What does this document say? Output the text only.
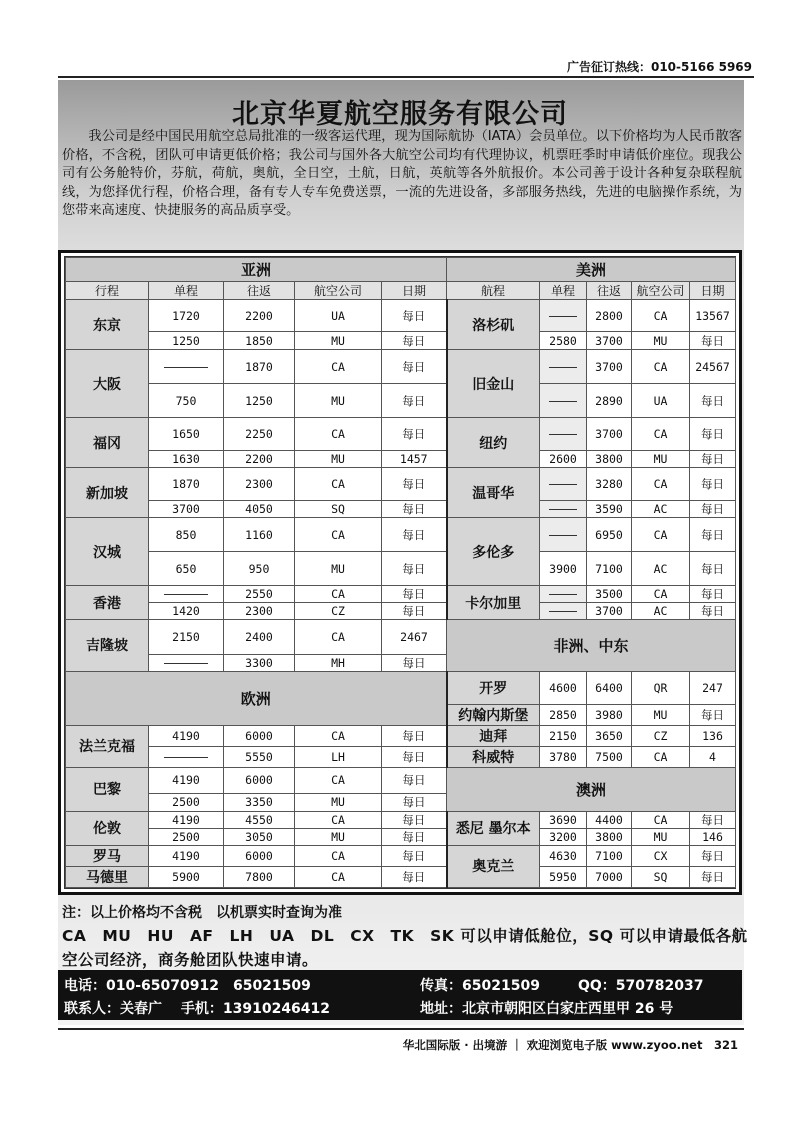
广告征订热线：010-5166 5969
北京华夏航空服务有限公司
我公司是经中国民用航空总局批准的一级客运代理，现为国际航协（IATA）会员单位。以下价格均为人民币散客价格，不含税，团队可申请更低价格；我公司与国外各大航空公司均有代理协议，机票旺季时申请低价座位。现我公司有公务舱特价，芬航，荷航，奥航，全日空，土航，日航，英航等各外航报价。本公司善于设计各种复杂联程航线，为您择优行程，价格合理，备有专人专车免费送票，一流的先进设备，多部服务热线，先进的电脑操作系统，为您带来高速度、快捷服务的高品质享受。
亚洲					美洲				
行程	单程	往返	航空公司	日期	航程	单程	往返	航空公司	日期
东京	1720	2200	UA	每日	洛杉矶		2800	CA	13567
	1250	1850	MU	每日		2580	3700	MU	每日
大阪		1870	CA	每日	旧金山		3700	CA	24567
	750	1250	MU	每日			2890	UA	每日
福冈	1650	2250	CA	每日	纽约		3700	CA	每日
	1630	2200	MU	1457		2600	3800	MU	每日
新加坡	1870	2300	CA	每日	温哥华		3280	CA	每日
	3700	4050	SQ	每日			3590	AC	每日
汉城	850	1160	CA	每日	多伦多		6950	CA	每日
	650	950	MU	每日		3900	7100	AC	每日
香港		2550	CA	每日	卡尔加里		3500	CA	每日
	1420	2300	CZ	每日			3700	AC	每日
吉隆坡	2150	2400	CA	2467	非洲、中东				
		3300	MH	每日					
欧洲					开罗	4600	6400	QR	247
					约翰内斯堡	2850	3980	MU	每日
法兰克福	4190	6000	CA	每日	迪拜	2150	3650	CZ	136
		5550	LH	每日	科威特	3780	7500	CA	4
巴黎	4190	6000	CA	每日	澳洲				
	2500	3350	MU	每日					
伦敦	4190	4550	CA	每日	悉尼 墨尔本	3690	4400	CA	每日
	2500	3050	MU	每日		3200	3800	MU	146
罗马	4190	6000	CA	每日	奥克兰	4630	7100	CX	每日
马德里	5900	7800	CA	每日		5950	7000	SQ	每日
注：以上价格均不含税　以机票实时查询为准
CA　MU　HU　AF　LH　UA　DL　CX　TK　SK 可以申请低舱位，SQ 可以申请最低各航空公司经济，商务舱团队快速申请。
电话：010-65070912　65021509	传真：65021509	QQ：570782037
联系人：关春广　 手机：13910246412	地址：北京市朝阳区白家庄西里甲 26 号
华北国际版 · 出境游 ｜ 欢迎浏览电子版 www.zyoo.net　321
